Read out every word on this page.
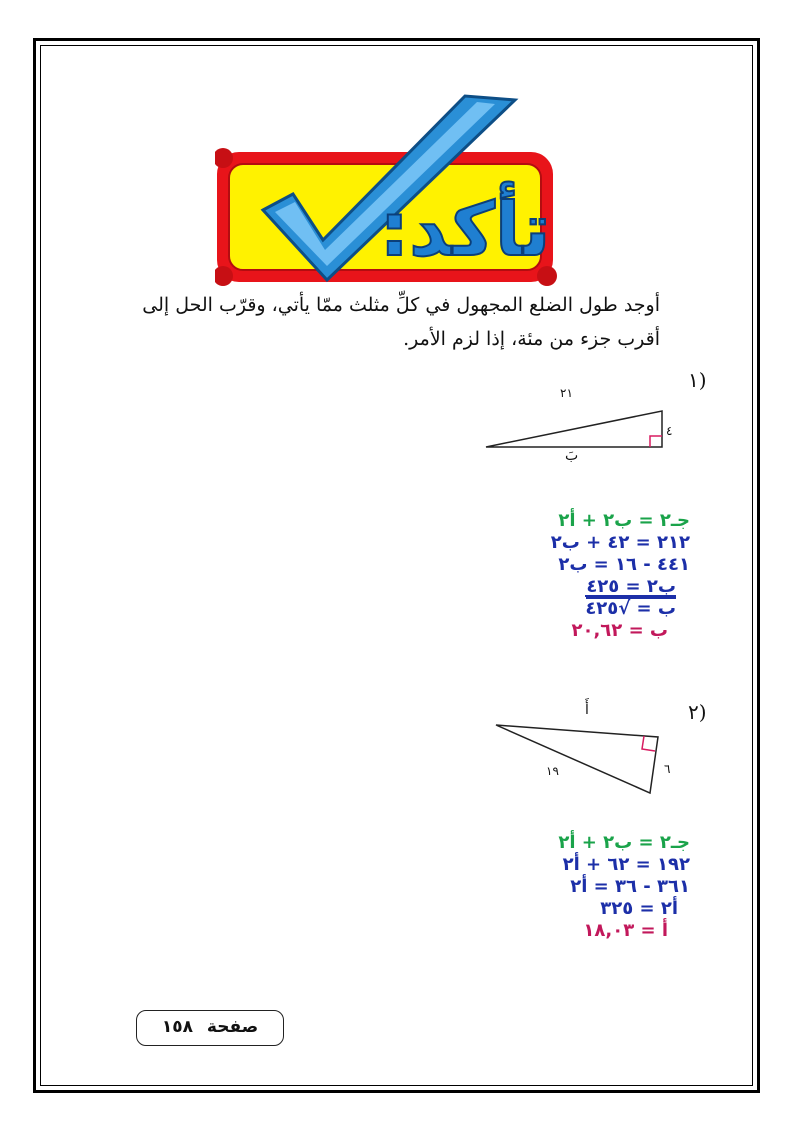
تأكد:
أوجد طول الضلع المجهول في كلِّ مثلث ممّا يأتي، وقرّب الحل إلى أقرب جزء من مئة، إذا لزم الأمر.
(١
٢١
٤
بَ
جـ٢ = ب٢ + أ٢
٢١٢ = ٤٢ + ب٢
٤٤١ - ١٦ = ب٢
ب٢ = ٤٢٥
ب = √٤٢٥
ب = ٢٠,٦٢
(٢
أَ
١٩	٦
جـ٢ = ب٢ + أ٢
١٩٢ = ٦٢ + أ٢
٣٦١ - ٣٦ = أ٢
أ٢ = ٣٢٥
أ = ١٨,٠٣
صفحة ١٥٨
